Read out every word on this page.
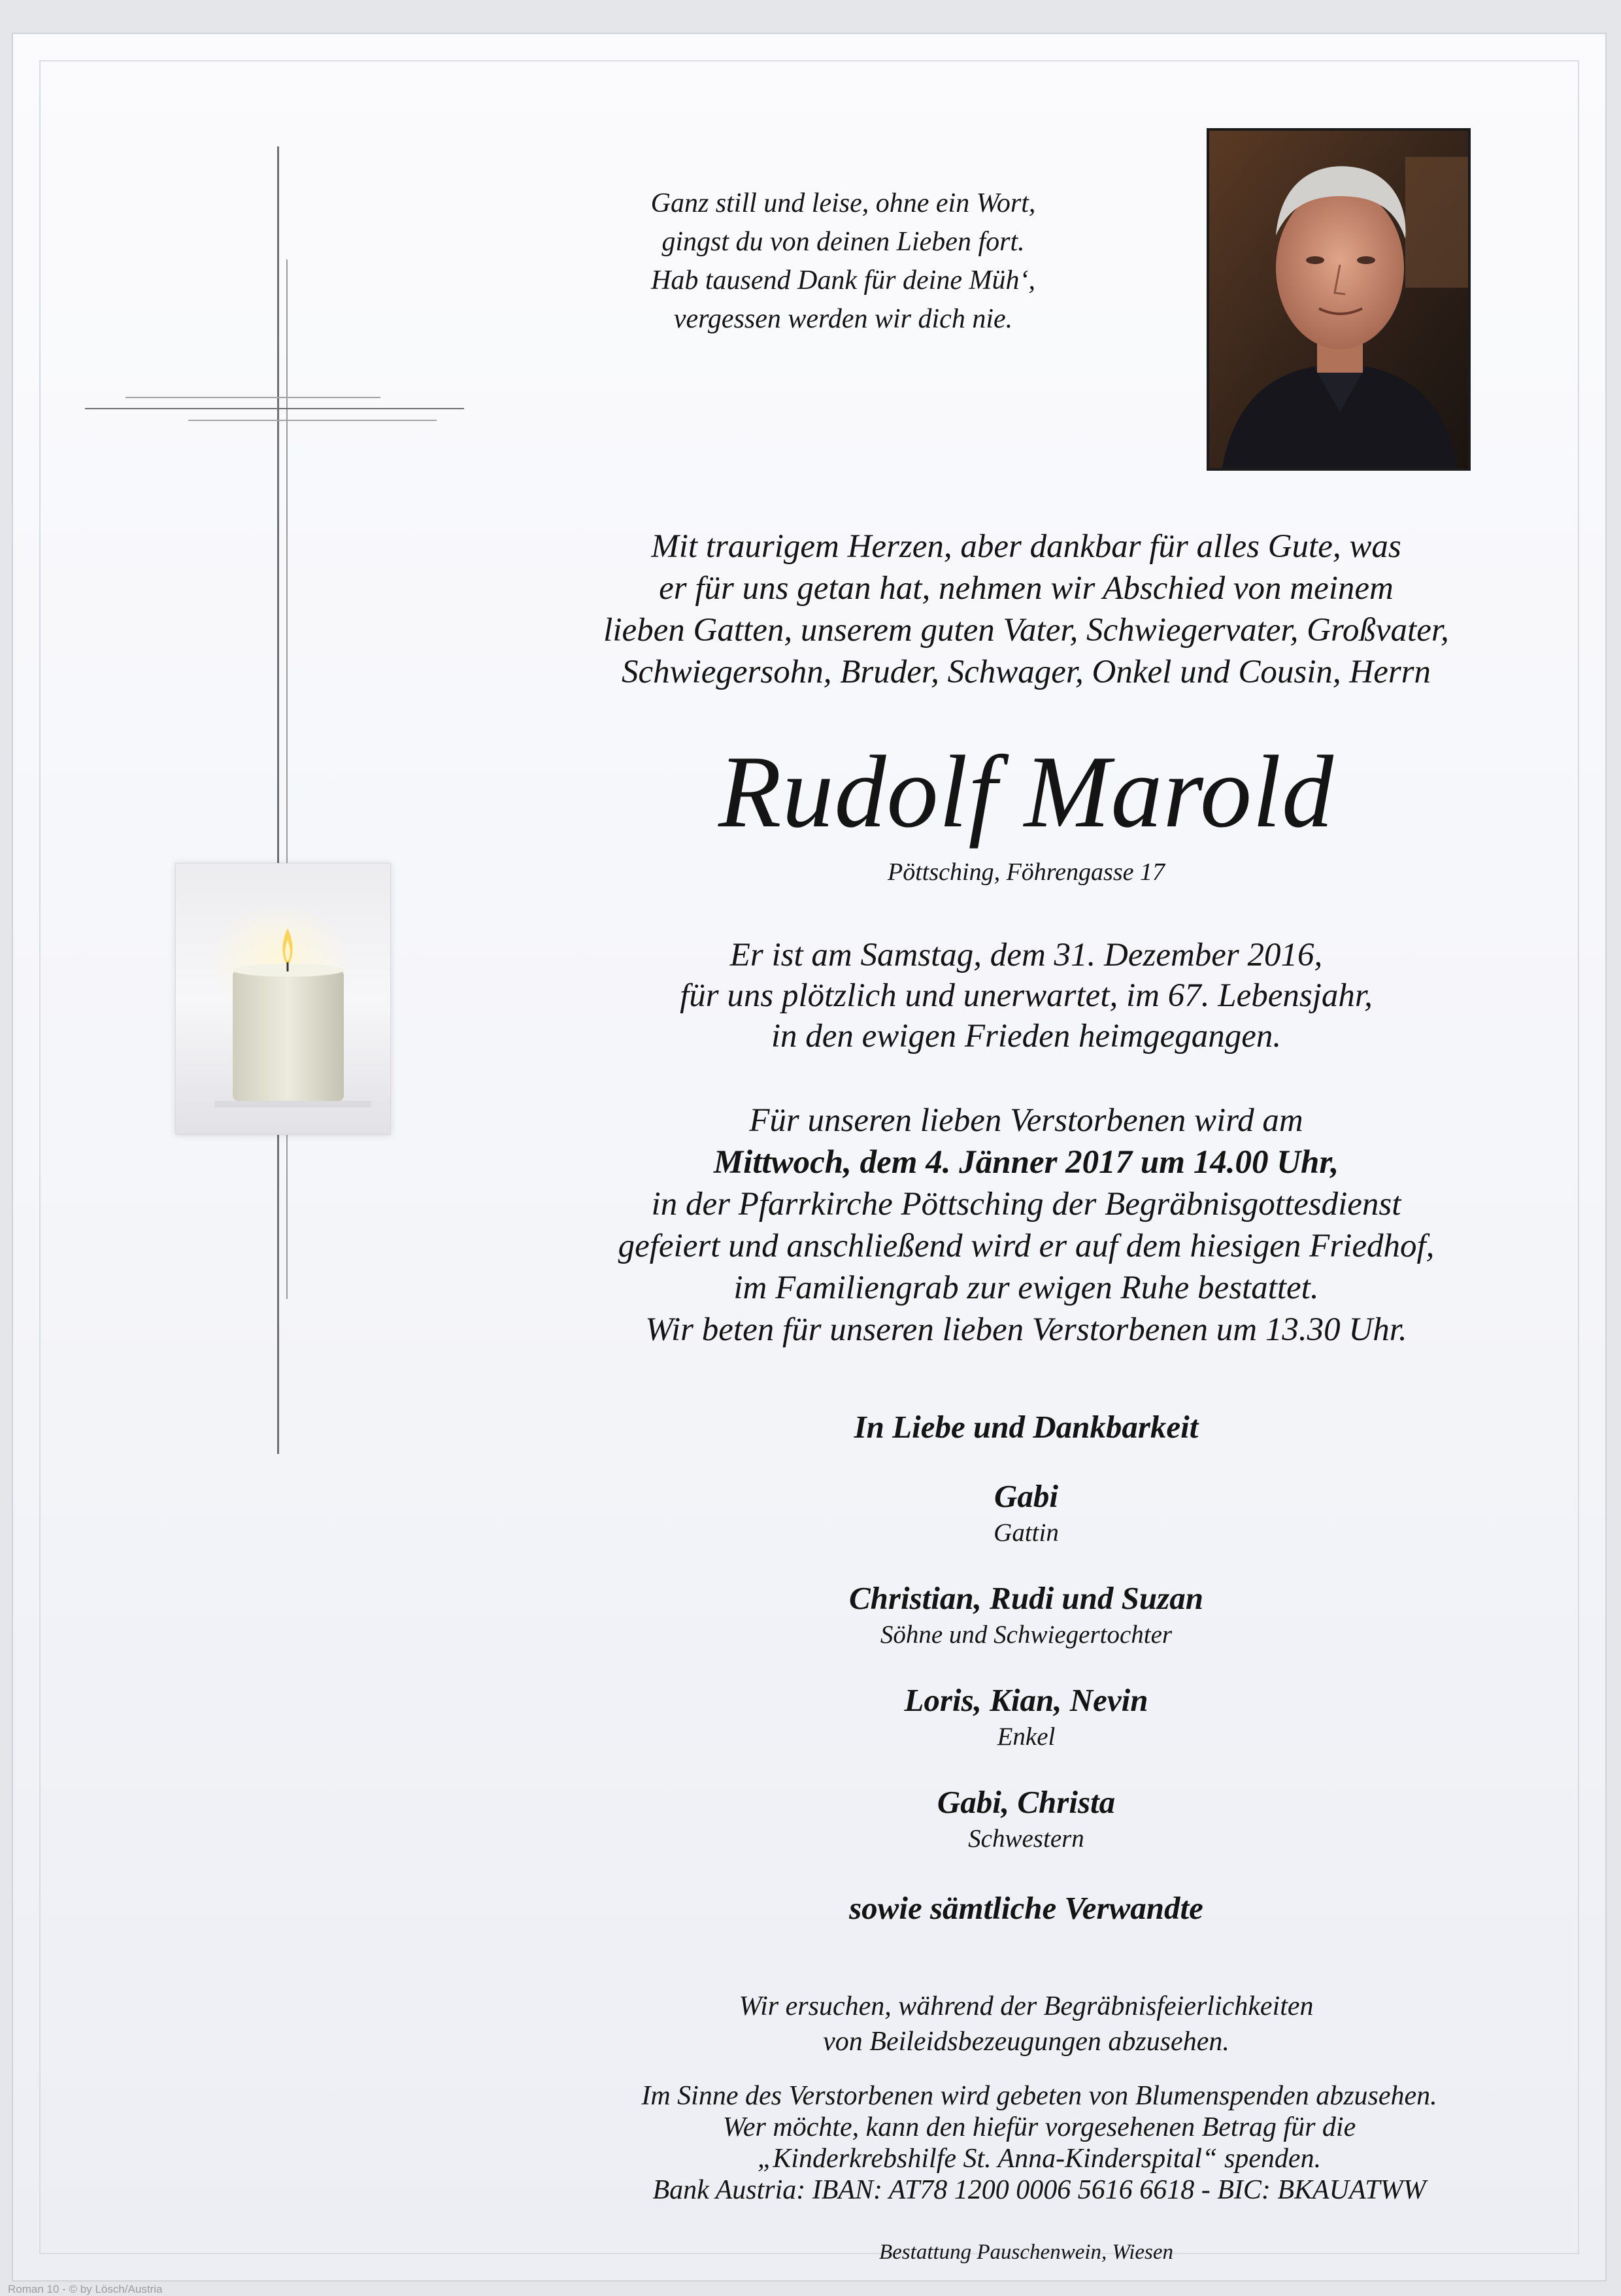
Ganz still und leise, ohne ein Wort,
gingst du von deinen Lieben fort.
Hab tausend Dank für deine Müh‘,
vergessen werden wir dich nie.
Mit traurigem Herzen, aber dankbar für alles Gute, was
er für uns getan hat, nehmen wir Abschied von meinem
lieben Gatten, unserem guten Vater, Schwiegervater, Großvater,
Schwiegersohn, Bruder, Schwager, Onkel und Cousin, Herrn
Rudolf Marold
Pöttsching, Föhrengasse 17
Er ist am Samstag, dem 31. Dezember 2016,
für uns plötzlich und unerwartet, im 67. Lebensjahr,
in den ewigen Frieden heimgegangen.
Für unseren lieben Verstorbenen wird am
Mittwoch, dem 4. Jänner 2017 um 14.00 Uhr,
in der Pfarrkirche Pöttsching der Begräbnisgottesdienst
gefeiert und anschließend wird er auf dem hiesigen Friedhof,
im Familiengrab zur ewigen Ruhe bestattet.
Wir beten für unseren lieben Verstorbenen um 13.30 Uhr.
In Liebe und Dankbarkeit
Gabi
Gattin
Christian, Rudi und Suzan
Söhne und Schwiegertochter
Loris, Kian, Nevin
Enkel
Gabi, Christa
Schwestern
sowie sämtliche Verwandte
Wir ersuchen, während der Begräbnisfeierlichkeiten
von Beileidsbezeugungen abzusehen.
Im Sinne des Verstorbenen wird gebeten von Blumenspenden abzusehen.
Wer möchte, kann den hiefür vorgesehenen Betrag für die
„Kinderkrebshilfe St. Anna-Kinderspital“ spenden.
Bank Austria: IBAN: AT78 1200 0006 5616 6618 - BIC: BKAUATWW
Bestattung Pauschenwein, Wiesen
Roman 10 - © by Lösch/Austria
